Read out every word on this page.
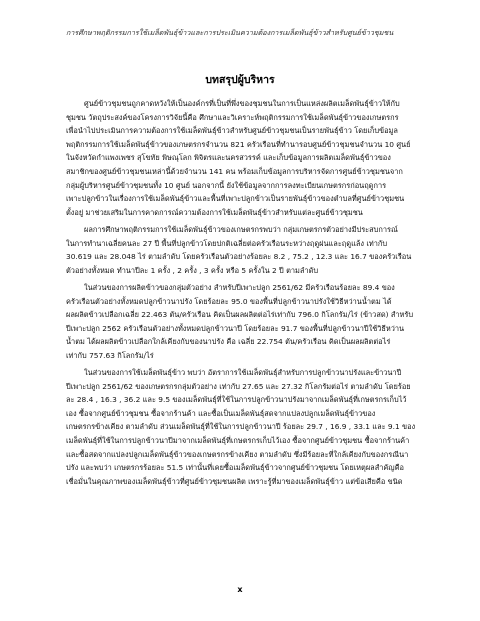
การศึกษาพฤติกรรมการใช้เมล็ดพันธุ์ข้าวและการประเมินความต้องการเมล็ดพันธุ์ข้าวสำหรับศูนย์ข้าวชุมชน
บทสรุปผู้บริหาร

ศูนย์ข้าวชุมชนถูกคาดหวังให้เป็นองค์กรที่เป็นที่พึ่งของชุมชนในการเป็นแหล่งผลิตเมล็ดพันธุ์ข้าวให้กับ
ชุมชน วัตถุประสงค์ของโครงการวิจัยนี้คือ ศึกษาและวิเคราะห์พฤติกรรมการใช้เมล็ดพันธุ์ข้าวของเกษตรกร
เพื่อนำไปประเมินการความต้องการใช้เมล็ดพันธุ์ข้าวสำหรับศูนย์ข้าวชุมชนเป็นรายพันธุ์ข้าว โดยเก็บข้อมูล
พฤติกรรมการใช้เมล็ดพันธุ์ข้าวของเกษตรกรจำนวน 821 ครัวเรือนที่ทำนารอบศูนย์ข้าวชุมชนจำนวน 10 ศูนย์
ในจังหวัดกำแพงเพชร สุโขทัย พิษณุโลก พิจิตรและนครสวรรค์ และเก็บข้อมูลการผลิตเมล็ดพันธุ์ข้าวของ
สมาชิกของศูนย์ข้าวชุมชนเหล่านี้ด้วยจำนวน 141 คน พร้อมเก็บข้อมูลการบริหารจัดการศูนย์ข้าวชุมชนจาก
กลุ่มผู้บริหารศูนย์ข้าวชุมชนทั้ง 10 ศูนย์ นอกจากนี้ ยังใช้ข้อมูลจากการลงทะเบียนเกษตรกรก่อนฤดูการ
เพาะปลูกข้าวในเรื่องการใช้เมล็ดพันธุ์ข้าวและพื้นที่เพาะปลูกข้าวเป็นรายพันธุ์ข้าวของตำบลที่ศูนย์ข้าวชุมชน
ตั้งอยู่ มาช่วยเสริมในการคาดการณ์ความต้องการใช้เมล็ดพันธุ์ข้าวสำหรับแต่ละศูนย์ข้าวชุมชน

ผลการศึกษาพฤติกรรมการใช้เมล็ดพันธุ์ข้าวของเกษตรกรพบว่า กลุ่มเกษตรกรตัวอย่างมีประสบการณ์
ในการทำนาเฉลี่ยคนละ 27 ปี พื้นที่ปลูกข้าวโดยปกติเฉลี่ยต่อครัวเรือนระหว่างฤดูฝนและฤดูแล้ง เท่ากับ
30.619 และ 28.048 ไร่ ตามลำดับ โดยครัวเรือนตัวอย่างร้อยละ 8.2 , 75.2 , 12.3 และ 16.7 ของครัวเรือน
ตัวอย่างทั้งหมด ทำนาปีละ 1 ครั้ง , 2 ครั้ง , 3 ครั้ง หรือ 5 ครั้งใน 2 ปี ตามลำดับ

ในส่วนของการผลิตข้าวของกลุ่มตัวอย่าง สำหรับปีเพาะปลูก 2561/62 มีครัวเรือนร้อยละ 89.4 ของ
ครัวเรือนตัวอย่างทั้งหมดปลูกข้าวนาปรัง โดยร้อยละ 95.0 ของพื้นที่ปลูกข้าวนาปรังใช้วิธีหว่านน้ำตม ได้
ผลผลิตข้าวเปลือกเฉลี่ย 22.463 ตัน/ครัวเรือน คิดเป็นผลผลิตต่อไร่เท่ากับ 796.0 กิโลกรัม/ไร่ (ข้าวสด) สำหรับ
ปีเพาะปลูก 2562 ครัวเรือนตัวอย่างทั้งหมดปลูกข้าวนาปี โดยร้อยละ 91.7 ของพื้นที่ปลูกข้าวนาปีใช้วิธีหว่าน
น้ำตม ได้ผลผลิตข้าวเปลือกใกล้เคียงกับของนาปรัง คือ เฉลี่ย 22.754 ตัน/ครัวเรือน คิดเป็นผลผลิตต่อไร่
เท่ากับ 757.63 กิโลกรัม/ไร่

ในส่วนของการใช้เมล็ดพันธุ์ข้าว พบว่า อัตราการใช้เมล็ดพันธุ์สำหรับการปลูกข้าวนาปรังและข้าวนาปี
ปีเพาะปลูก 2561/62 ของเกษตรกรกลุ่มตัวอย่าง เท่ากับ 27.65 และ 27.32 กิโลกรัมต่อไร่ ตามลำดับ โดยร้อย
ละ 28.4 , 16.3 , 36.2 และ 9.5 ของเมล็ดพันธุ์ที่ใช้ในการปลูกข้าวนาปรังมาจากเมล็ดพันธุ์ที่เกษตรกรเก็บไว้
เอง ซื้อจากศูนย์ข้าวชุมชน ซื้อจากร้านค้า และซื้อเป็นเมล็ดพันธุ์สดจากแปลงปลูกเมล็ดพันธุ์ข้าวของ
เกษตรกรข้างเคียง ตามลำดับ ส่วนเมล็ดพันธุ์ที่ใช้ในการปลูกข้าวนาปี ร้อยละ 29.7 , 16.9 , 33.1 และ 9.1 ของ
เมล็ดพันธุ์ที่ใช้ในการปลูกข้าวนาปีมาจากเมล็ดพันธุ์ที่เกษตรกรเก็บไว้เอง ซื้อจากศูนย์ข้าวชุมชน ซื้อจากร้านค้า
และซื้อสดจากแปลงปลูกเมล็ดพันธุ์ข้าวของเกษตรกรข้างเคียง ตามลำดับ ซึ่งมีร้อยละที่ใกล้เคียงกับของกรณีนา
ปรัง และพบว่า เกษตรกรร้อยละ 51.5 เท่านั้นที่เคยซื้อเมล็ดพันธุ์ข้าวจากศูนย์ข้าวชุมชน โดยเหตุผลสำคัญคือ
เชื่อมั่นในคุณภาพของเมล็ดพันธุ์ข้าวที่ศูนย์ข้าวชุมชนผลิต เพราะรู้ที่มาของเมล็ดพันธุ์ข้าว แต่ข้อเสียคือ ขนิด

x
